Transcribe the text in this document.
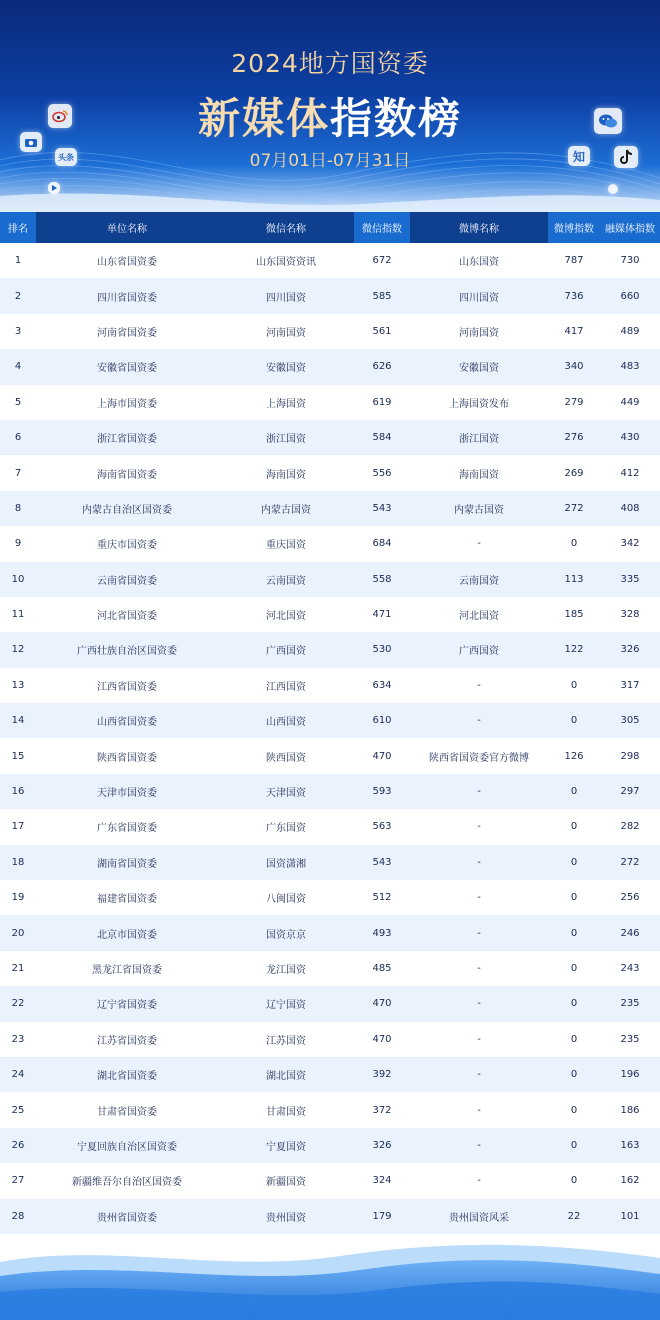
头条	知
2024地方国资委
新媒体指数榜
07月01日-07月31日
排名	单位名称	微信名称	微信指数	微博名称	微博指数	融媒体指数
1	山东省国资委	山东国资资讯	672	山东国资	787	730
2	四川省国资委	四川国资	585	四川国资	736	660
3	河南省国资委	河南国资	561	河南国资	417	489
4	安徽省国资委	安徽国资	626	安徽国资	340	483
5	上海市国资委	上海国资	619	上海国资发布	279	449
6	浙江省国资委	浙江国资	584	浙江国资	276	430
7	海南省国资委	海南国资	556	海南国资	269	412
8	内蒙古自治区国资委	内蒙古国资	543	内蒙古国资	272	408
9	重庆市国资委	重庆国资	684	-	0	342
10	云南省国资委	云南国资	558	云南国资	113	335
11	河北省国资委	河北国资	471	河北国资	185	328
12	广西壮族自治区国资委	广西国资	530	广西国资	122	326
13	江西省国资委	江西国资	634	-	0	317
14	山西省国资委	山西国资	610	-	0	305
15	陕西省国资委	陕西国资	470	陕西省国资委官方微博	126	298
16	天津市国资委	天津国资	593	-	0	297
17	广东省国资委	广东国资	563	-	0	282
18	湖南省国资委	国资潇湘	543	-	0	272
19	福建省国资委	八闽国资	512	-	0	256
20	北京市国资委	国资京京	493	-	0	246
21	黑龙江省国资委	龙江国资	485	-	0	243
22	辽宁省国资委	辽宁国资	470	-	0	235
23	江苏省国资委	江苏国资	470	-	0	235
24	湖北省国资委	湖北国资	392	-	0	196
25	甘肃省国资委	甘肃国资	372	-	0	186
26	宁夏回族自治区国资委	宁夏国资	326	-	0	163
27	新疆维吾尔自治区国资委	新疆国资	324	-	0	162
28	贵州省国资委	贵州国资	179	贵州国资风采	22	101
